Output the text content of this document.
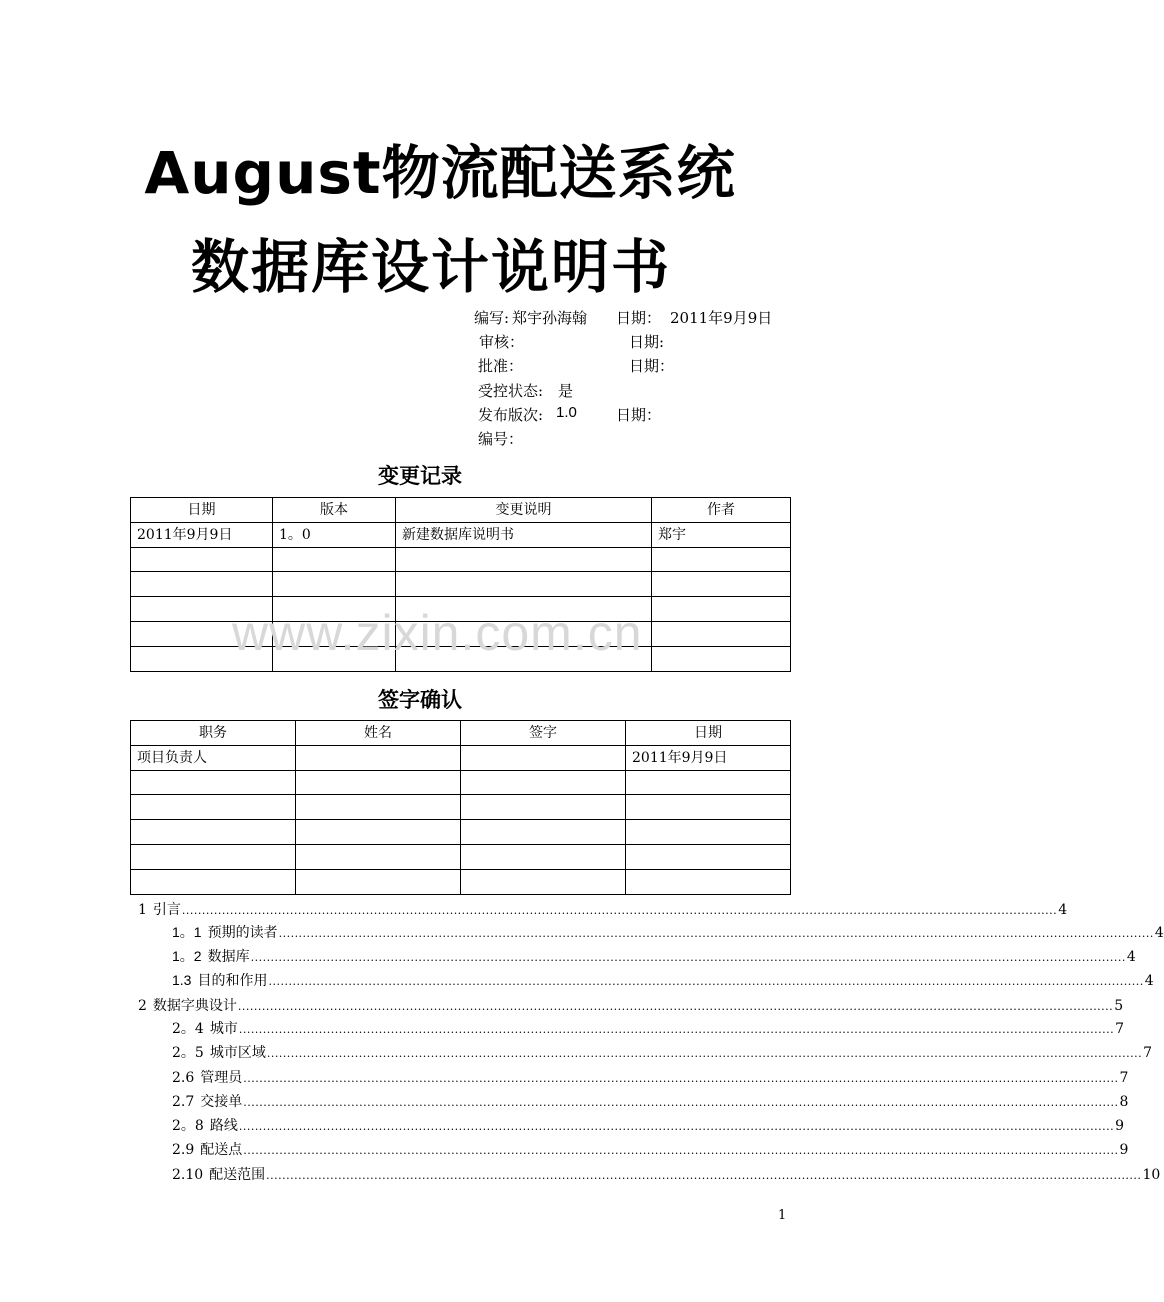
August物流配送系统
数据库设计说明书
编写: 郑宇孙海翰 日期： 2011年9月9日
审核：	日期:
批准：	日期：
受控状态: 是
发布版次: 1.0	日期：
编号：
变更记录
日期	版本	变更说明	作者
2011年9月9日	1。0	新建数据库说明书	郑宇

www.zixin.com.cn
签字确认
职务	姓名	签字	日期
项目负责人			2011年9月9日

1 引言 ........................................................................................................................................................................................................................... 4
1。1 预期的读者 ........................................................................................................................................................................................................................... 4
1。2 数据库 ........................................................................................................................................................................................................................... 4
1.3 目的和作用 ........................................................................................................................................................................................................................... 4
2 数据字典设计 ........................................................................................................................................................................................................................... 5
2。4 城市 ........................................................................................................................................................................................................................... 7
2。5 城市区域 ........................................................................................................................................................................................................................... 7
2.6 管理员 ........................................................................................................................................................................................................................... 7
2.7 交接单 ........................................................................................................................................................................................................................... 8
2。8 路线 ........................................................................................................................................................................................................................... 9
2.9 配送点 ........................................................................................................................................................................................................................... 9
2.10 配送范围 ........................................................................................................................................................................................................................... 10
1
